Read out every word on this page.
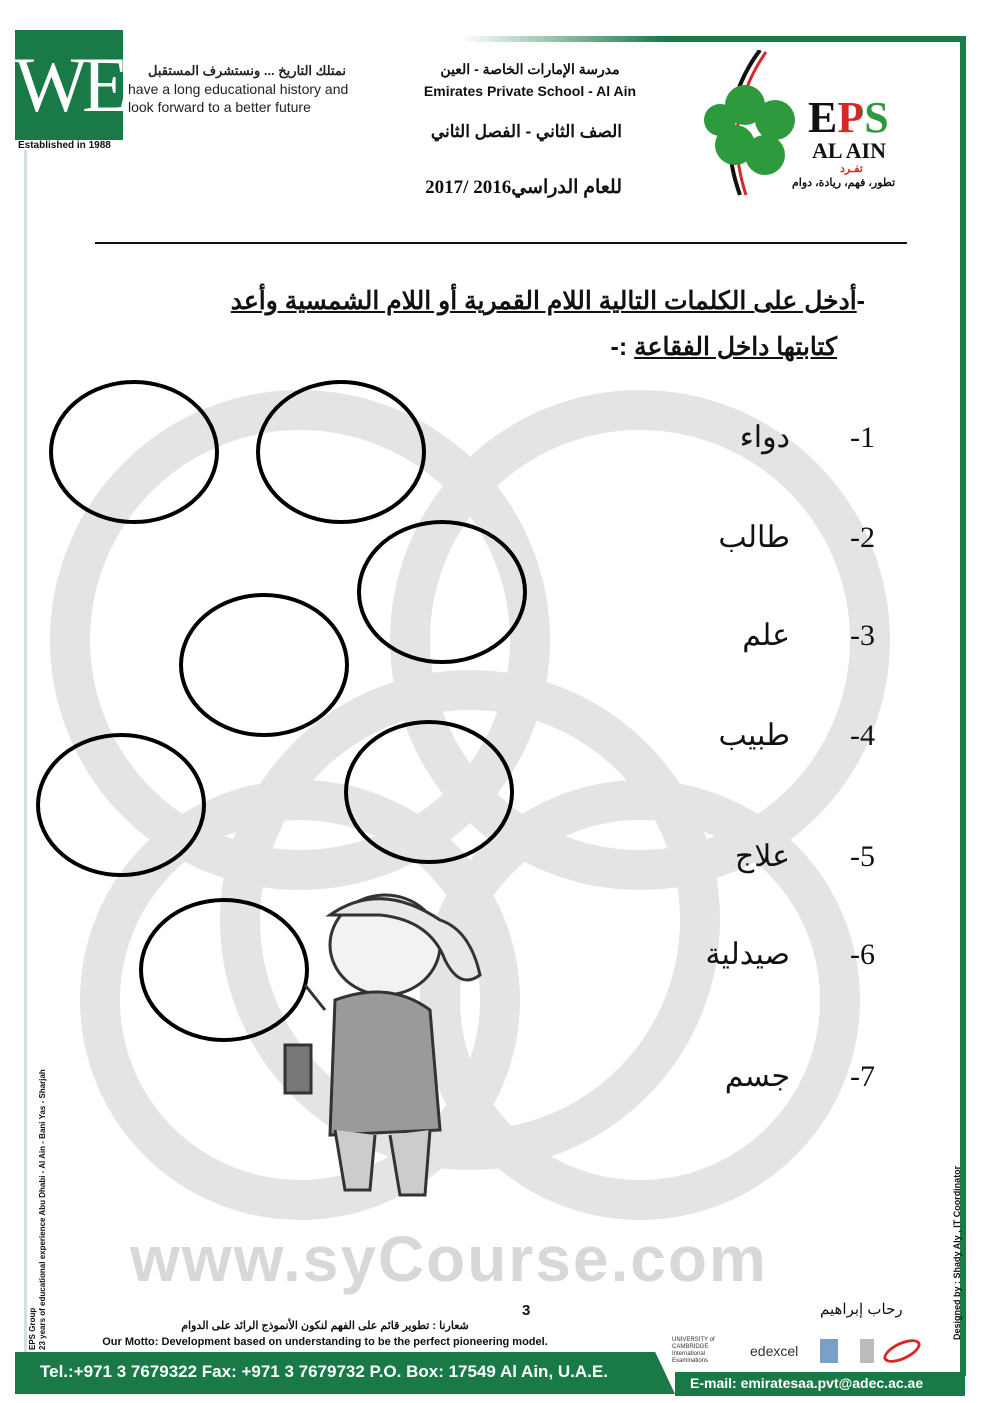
WE
Established in 1988
نمتلك التاريخ ... ونستشرف المستقبل
have a long educational history and
look forward to a better future
مدرسة الإمارات الخاصة - العين
Emirates Private School - Al Ain
الصف الثاني - الفصل الثاني
للعام الدراسي2016 /2017
EPS
AL AIN
تفـرد
تطور، فهم، ريادة، دوام
-أدخل على الكلمات التالية اللام القمرية أو اللام الشمسية وأعد
كتابتها داخل الفقاعة :-
دواء -1
طالب -2
علم -3
طبيب -4
علاج -5
صيدلية -6
جسم -7
www.syCourse.com
3	رحاب إبراهيم
شعارنا : تطوير قائم على الفهم لنكون الأنموذج الرائد على الدوام
Our Motto: Development based on understanding to be the perfect pioneering model.	UNIVERSITY of CAMBRIDGE International Examinations
edexcel
Tel.:+971 3 7679322 Fax: +971 3 7679732 P.O. Box: 17549 Al Ain, U.A.E.
E-mail: emiratesaa.pvt@adec.ac.ae
EPS Group 23 years of educational experience Abu Dhabi - Al Ain - Bani Yas - Sharjah	Designed by : Shady Aly , IT Coordinator
